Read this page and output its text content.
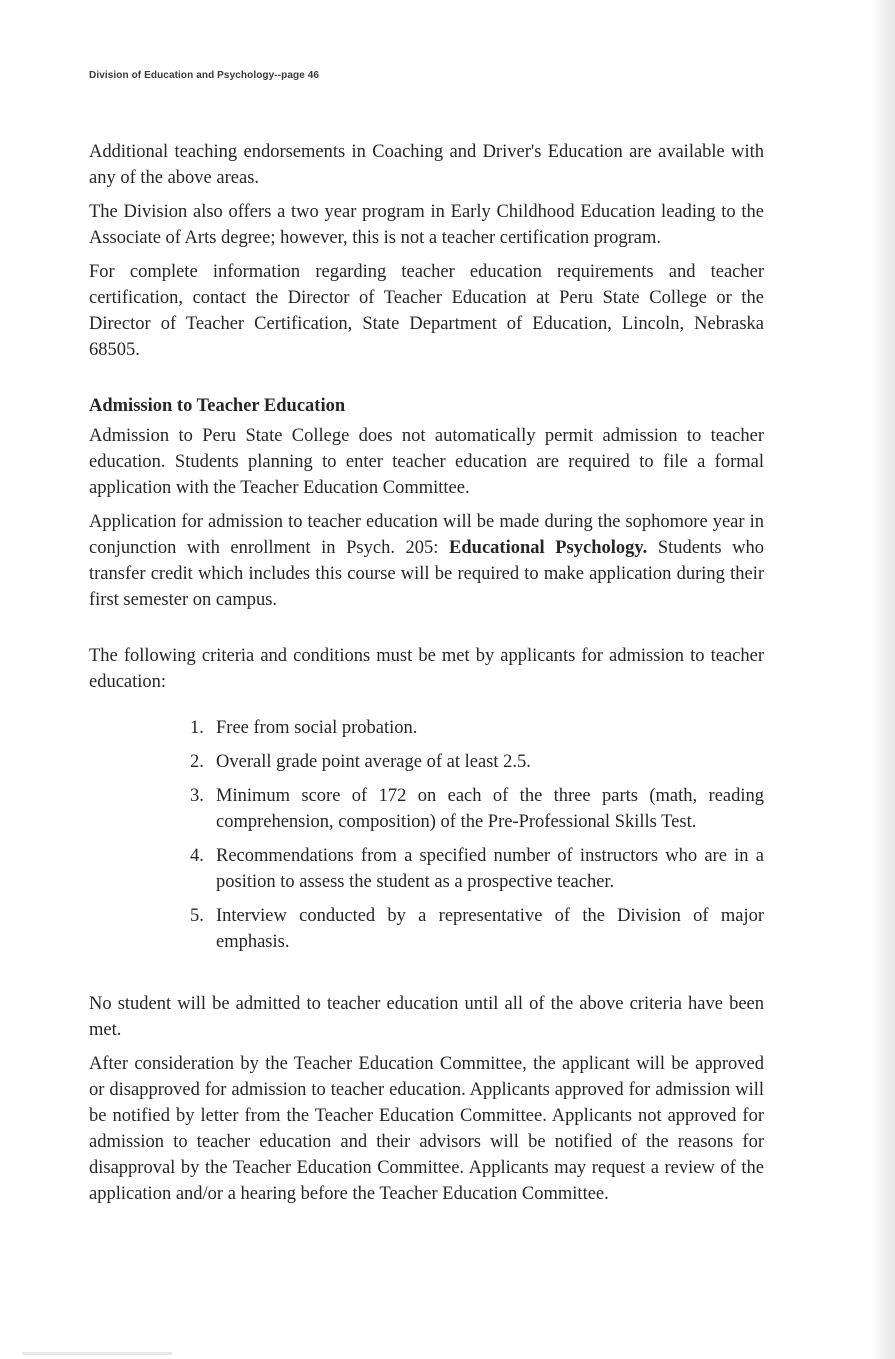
Division of Education and Psychology--page 46

Additional teaching endorsements in Coaching and Driver's Education are available with any of the above areas.

The Division also offers a two year program in Early Childhood Education leading to the Associate of Arts degree; however, this is not a teacher certification program.

For complete information regarding teacher education requirements and teacher certification, contact the Director of Teacher Education at Peru State College or the Director of Teacher Certification, State Department of Education, Lincoln, Nebraska 68505.

Admission to Teacher Education

Admission to Peru State College does not automatically permit admission to teacher education. Students planning to enter teacher education are required to file a formal application with the Teacher Education Committee.

Application for admission to teacher education will be made during the sophomore year in conjunction with enrollment in Psych. 205: Educational Psychology. Students who transfer credit which includes this course will be required to make application during their first semester on campus.

The following criteria and conditions must be met by applicants for admission to teacher education:

1. Free from social probation.
2. Overall grade point average of at least 2.5.
3. Minimum score of 172 on each of the three parts (math, reading comprehension, composition) of the Pre-Professional Skills Test.
4. Recommendations from a specified number of instructors who are in a position to assess the student as a prospective teacher.
5. Interview conducted by a representative of the Division of major emphasis.

No student will be admitted to teacher education until all of the above criteria have been met.

After consideration by the Teacher Education Committee, the applicant will be approved or disapproved for admission to teacher education. Applicants approved for admission will be notified by letter from the Teacher Education Committee. Applicants not approved for admission to teacher education and their advisors will be notified of the reasons for disapproval by the Teacher Education Committee. Applicants may request a review of the application and/or a hearing before the Teacher Education Committee.
